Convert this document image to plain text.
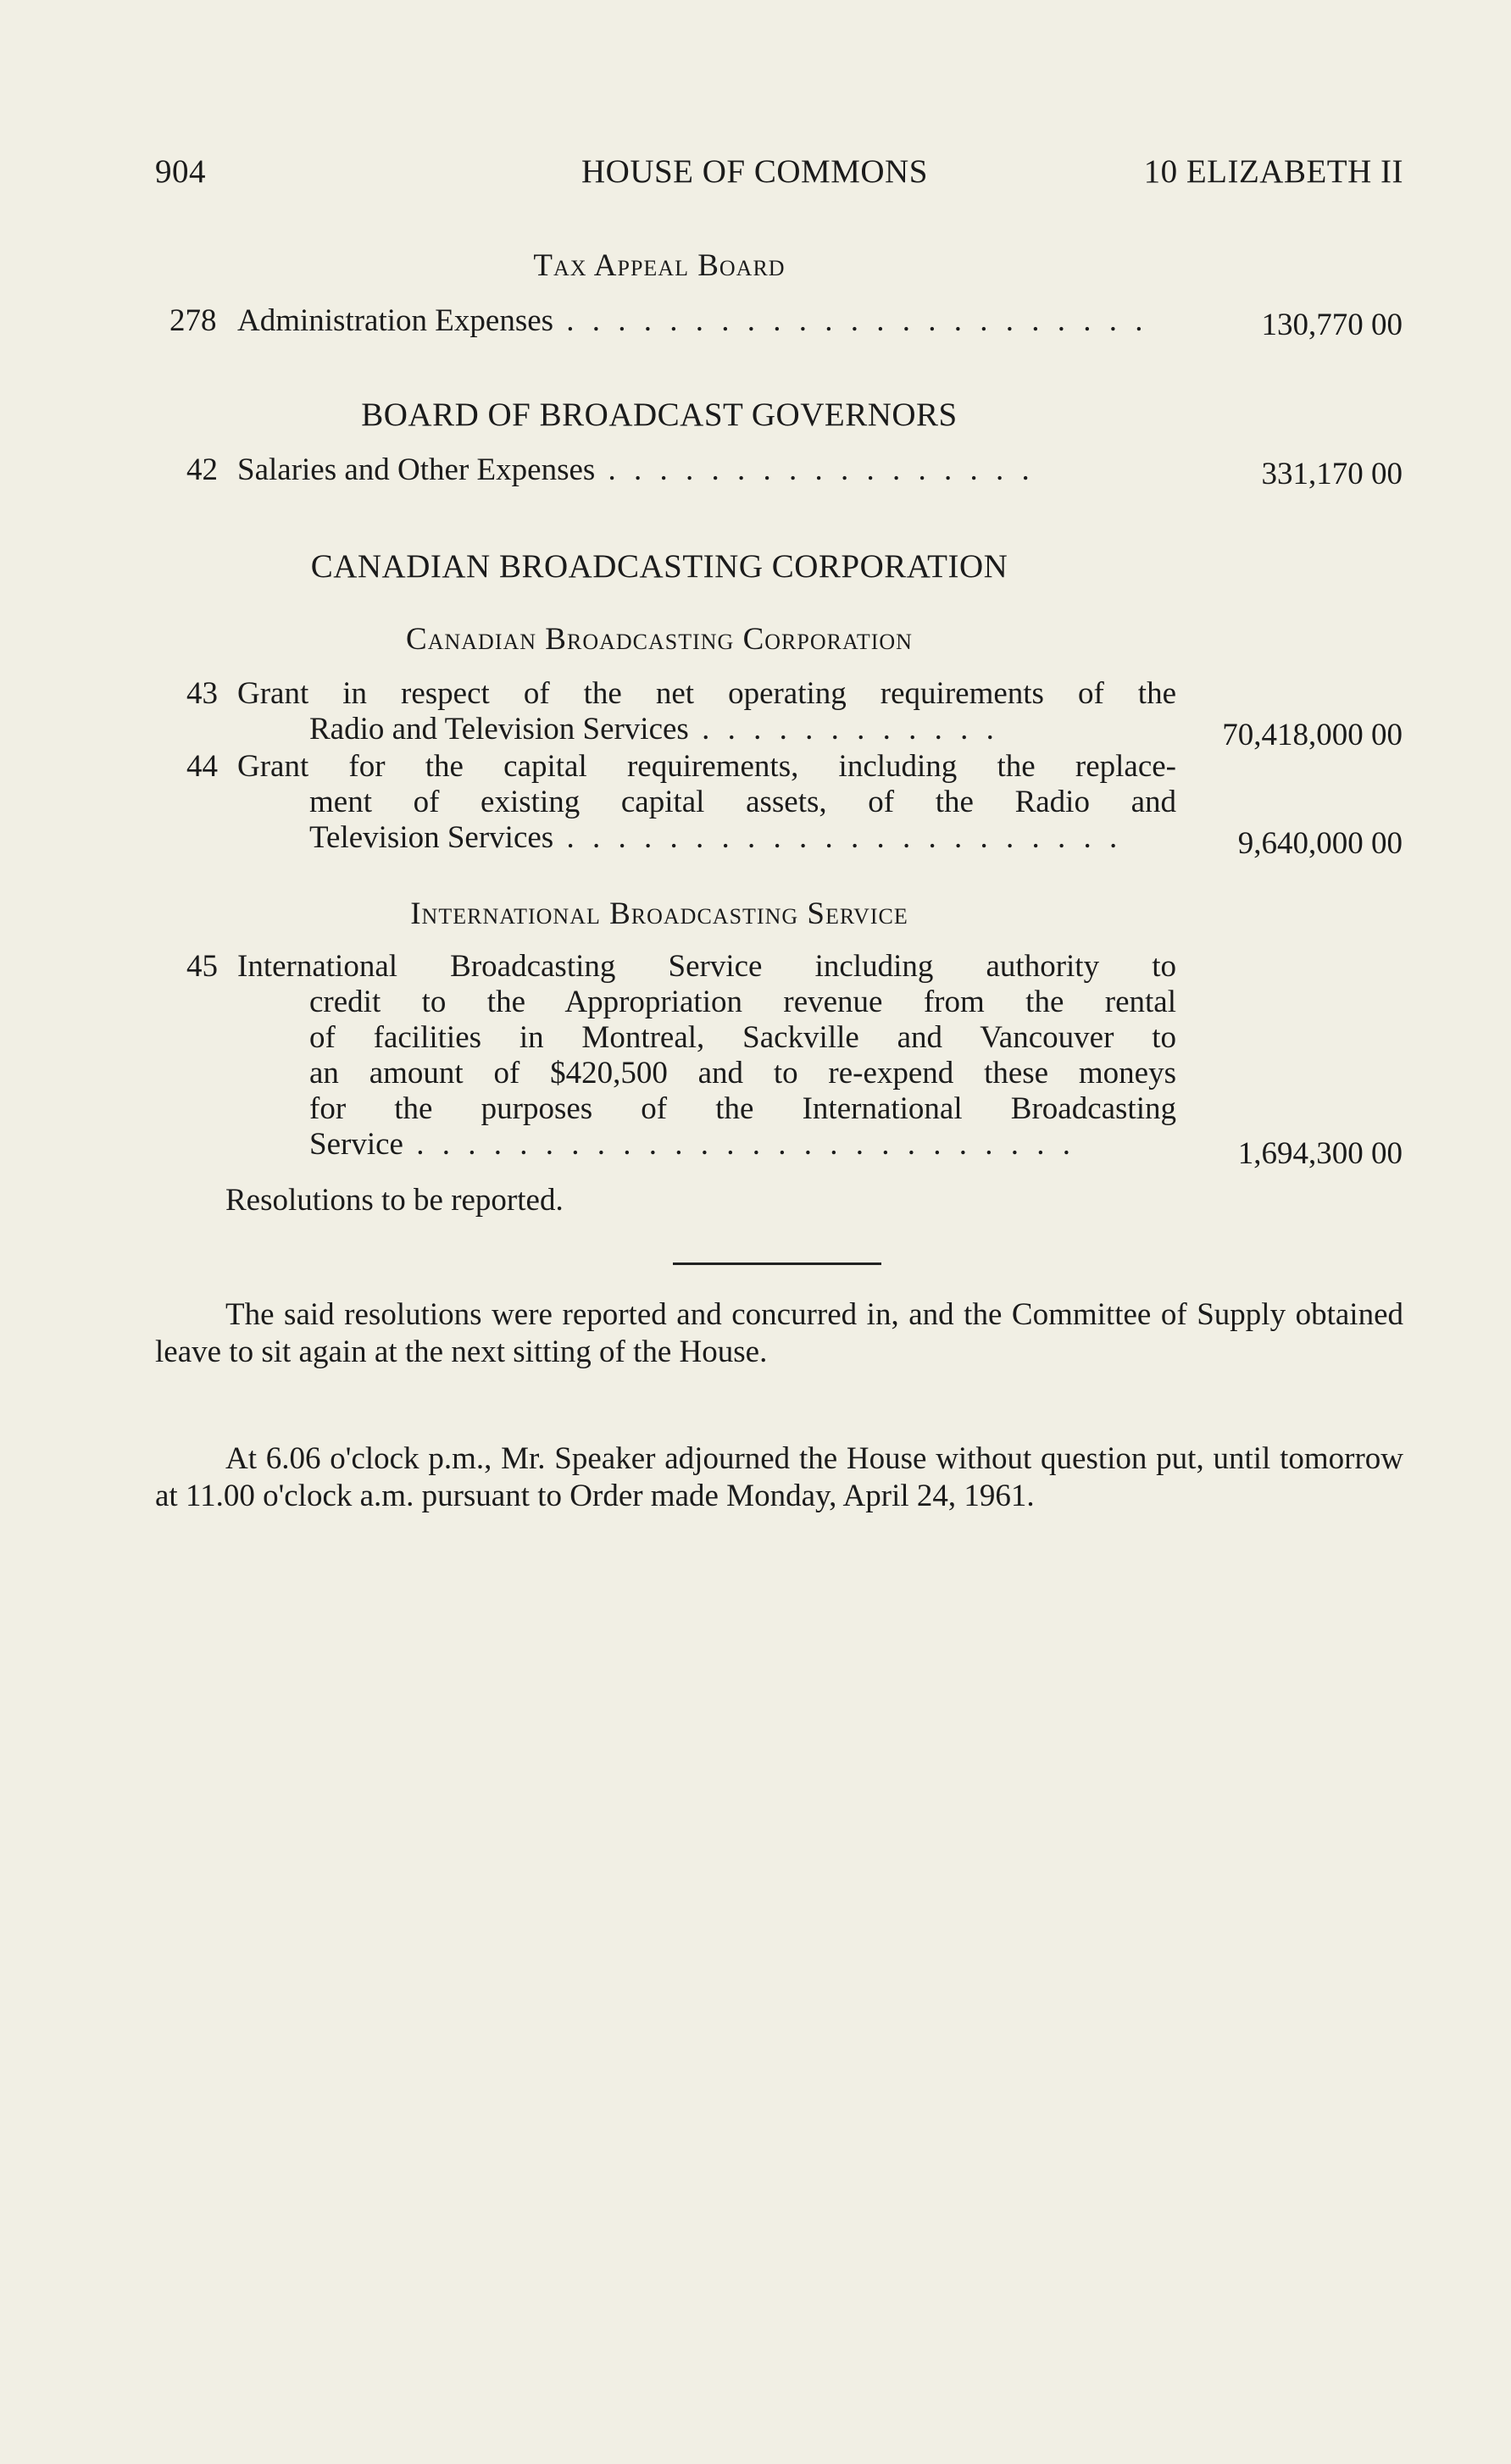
904	HOUSE OF COMMONS	10 ELIZABETH II
Tax Appeal Board
278 Administration Expenses . . . . . . . . . . . . . . . . . . . . . . .	130,770 00
BOARD OF BROADCAST GOVERNORS
42 Salaries and Other Expenses . . . . . . . . . . . . . . . . .	331,170 00
CANADIAN BROADCASTING CORPORATION
Canadian Broadcasting Corporation
43 Grant in respect of the net operating requirements of the
Radio and Television Services . . . . . . . . . . . .	70,418,000 00
44 Grant for the capital requirements, including the replace-
ment of existing capital assets, of the Radio and
Television Services . . . . . . . . . . . . . . . . . . . . . .	9,640,000 00
International Broadcasting Service
45 International Broadcasting Service including authority to
credit to the Appropriation revenue from the rental
of facilities in Montreal, Sackville and Vancouver to
an amount of $420,500 and to re-expend these moneys
for the purposes of the International Broadcasting
Service . . . . . . . . . . . . . . . . . . . . . . . . . .	1,694,300 00
Resolutions to be reported.
The said resolutions were reported and concurred in, and the Committee of Supply obtained leave to sit again at the next sitting of the House.
At 6.06 o'clock p.m., Mr. Speaker adjourned the House without question put, until tomorrow at 11.00 o'clock a.m. pursuant to Order made Monday, April 24, 1961.
